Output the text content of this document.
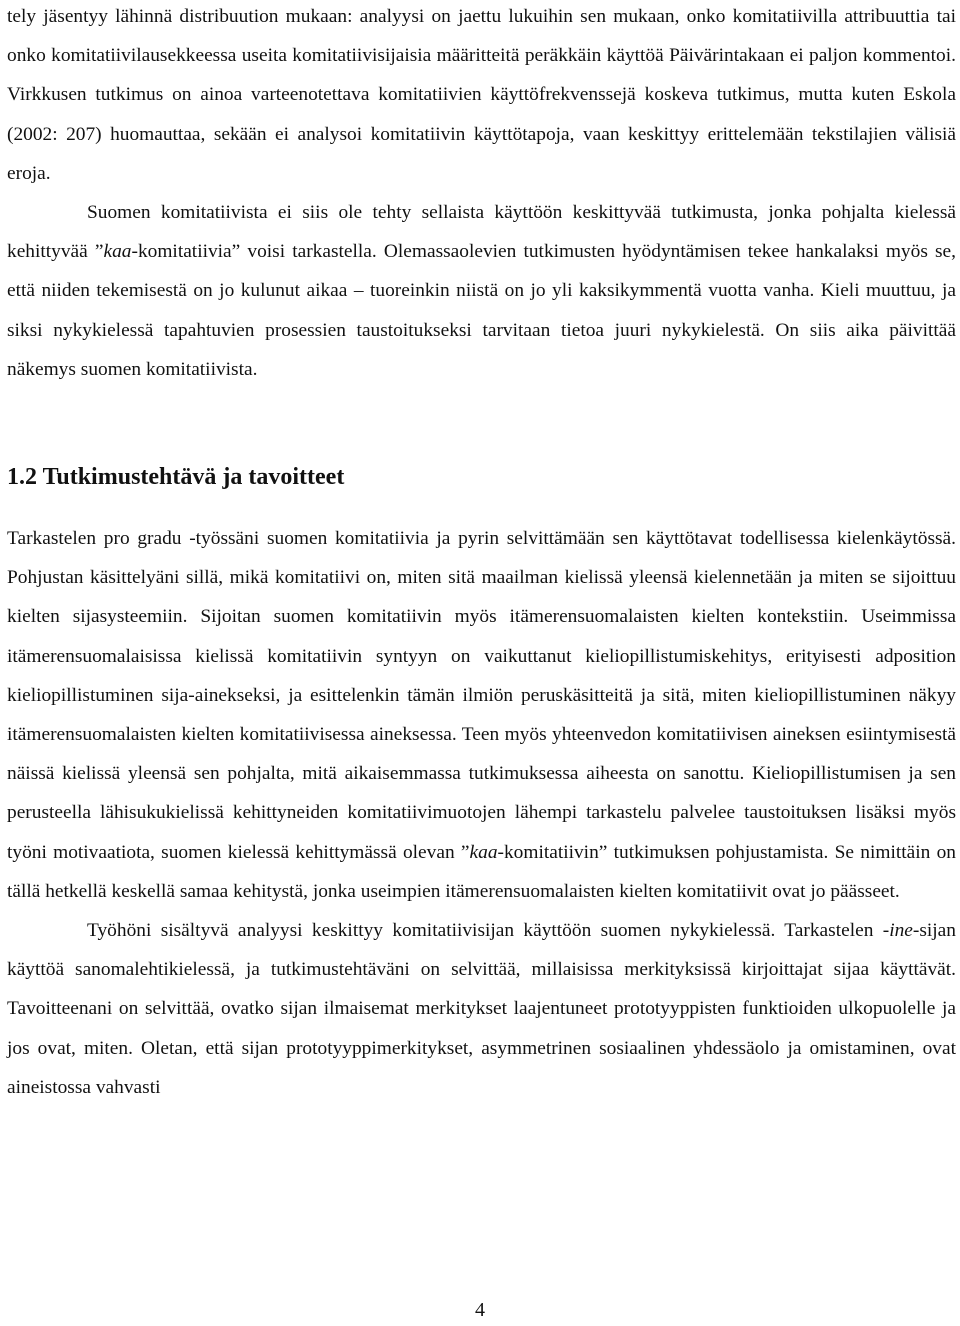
tely jäsentyy lähinnä distribuution mukaan: analyysi on jaettu lukuihin sen mukaan, onko komitatiivilla attribuuttia tai onko komitatiivilausekkeessa useita komitatiivisijaisia määritteitä peräkkäin käyttöä Päivärintakaan ei paljon kommentoi. Virkkusen tutkimus on ainoa varteenotettava komitatiivien käyttöfrekvenssejä koskeva tutkimus, mutta kuten Eskola (2002: 207) huomauttaa, sekään ei analysoi komitatiivin käyttötapoja, vaan keskittyy erittelemään tekstilajien välisiä eroja.

Suomen komitatiivista ei siis ole tehty sellaista käyttöön keskittyvää tutkimusta, jonka pohjalta kielessä kehittyvää ”kaa-komitatiivia” voisi tarkastella. Olemassaolevien tutkimusten hyödyntämisen tekee hankalaksi myös se, että niiden tekemisestä on jo kulunut aikaa – tuoreinkin niistä on jo yli kaksikymmentä vuotta vanha. Kieli muuttuu, ja siksi nykykielessä tapahtuvien prosessien taustoitukseksi tarvitaan tietoa juuri nykykielestä. On siis aika päivittää näkemys suomen komitatiivista.

1.2 Tutkimustehtävä ja tavoitteet

Tarkastelen pro gradu -työssäni suomen komitatiivia ja pyrin selvittämään sen käyttötavat todellisessa kielenkäytössä. Pohjustan käsittelyäni sillä, mikä komitatiivi on, miten sitä maailman kielissä yleensä kielennetään ja miten se sijoittuu kielten sijasysteemiin. Sijoitan suomen komitatiivin myös itämerensuomalaisten kielten kontekstiin. Useimmissa itämerensuomalaisissa kielissä komitatiivin syntyyn on vaikuttanut kieliopillistumiskehitys, erityisesti adposition kieliopillistuminen sija-ainekseksi, ja esittelenkin tämän ilmiön peruskäsitteitä ja sitä, miten kieliopillistuminen näkyy itämerensuomalaisten kielten komitatiivisessa aineksessa. Teen myös yhteenvedon komitatiivisen aineksen esiintymisestä näissä kielissä yleensä sen pohjalta, mitä aikaisemmassa tutkimuksessa aiheesta on sanottu. Kieliopillistumisen ja sen perusteella lähisukukielissä kehittyneiden komitatiivimuotojen lähempi tarkastelu palvelee taustoituksen lisäksi myös työni motivaatiota, suomen kielessä kehittymässä olevan ”kaa-komitatiivin” tutkimuksen pohjustamista. Se nimittäin on tällä hetkellä keskellä samaa kehitystä, jonka useimpien itämerensuomalaisten kielten komitatiivit ovat jo päässeet.

Työhöni sisältyvä analyysi keskittyy komitatiivisijan käyttöön suomen nykykielessä. Tarkastelen -ine-sijan käyttöä sanomalehtikielessä, ja tutkimustehtäväni on selvittää, millaisissa merkityksissä kirjoittajat sijaa käyttävät. Tavoitteenani on selvittää, ovatko sijan ilmaisemat merkitykset laajentuneet prototyyppisten funktioiden ulkopuolelle ja jos ovat, miten. Oletan, että sijan prototyyppimerkitykset, asymmetrinen sosiaalinen yhdessäolo ja omistaminen, ovat aineistossa vahvasti

4
